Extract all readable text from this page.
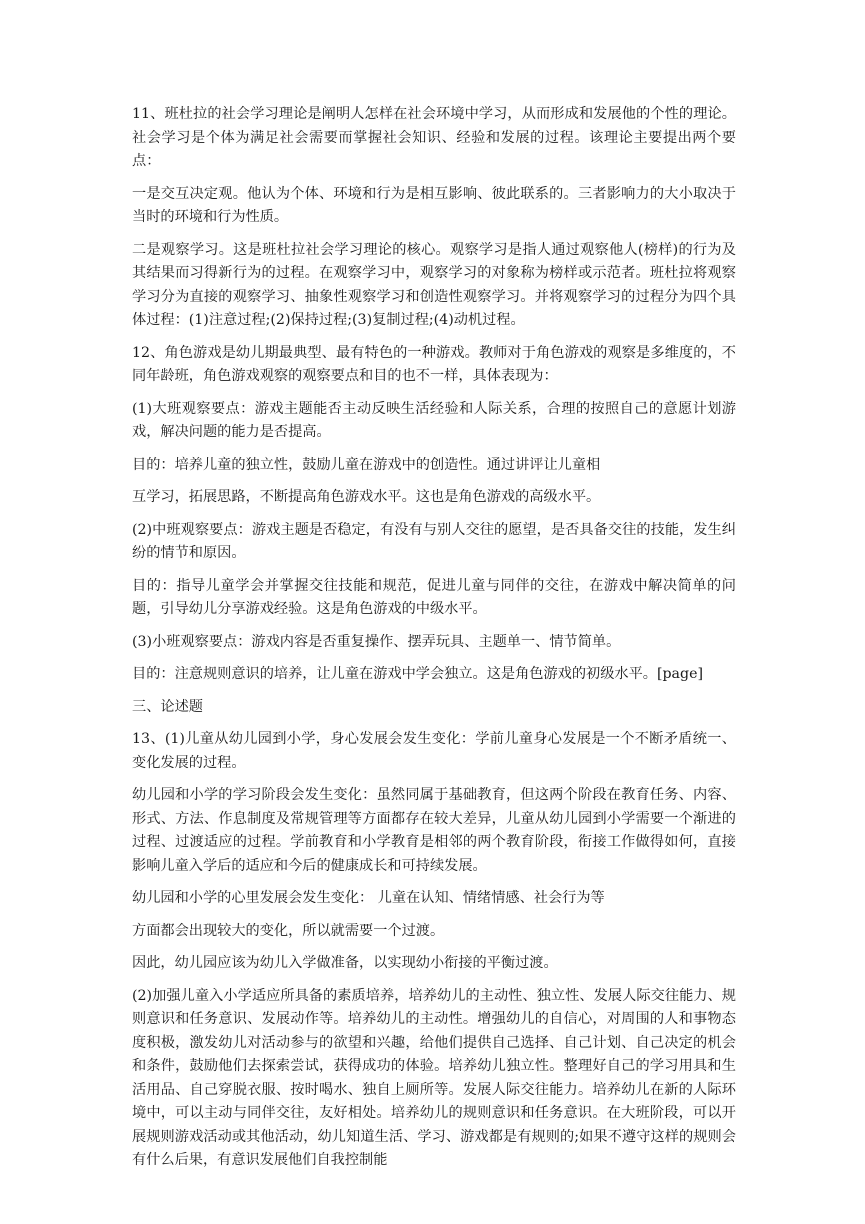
11、班杜拉的社会学习理论是阐明人怎样在社会环境中学习，从而形成和发展他的个性的理论。社会学习是个体为满足社会需要而掌握社会知识、经验和发展的过程。该理论主要提出两个要点：

一是交互决定观。他认为个体、环境和行为是相互影响、彼此联系的。三者影响力的大小取决于当时的环境和行为性质。

二是观察学习。这是班杜拉社会学习理论的核心。观察学习是指人通过观察他人(榜样)的行为及其结果而习得新行为的过程。在观察学习中，观察学习的对象称为榜样或示范者。班杜拉将观察学习分为直接的观察学习、抽象性观察学习和创造性观察学习。并将观察学习的过程分为四个具体过程：(1)注意过程;(2)保持过程;(3)复制过程;(4)动机过程。

12、角色游戏是幼儿期最典型、最有特色的一种游戏。教师对于角色游戏的观察是多维度的，不同年龄班，角色游戏观察的观察要点和目的也不一样，具体表现为：

(1)大班观察要点：游戏主题能否主动反映生活经验和人际关系，合理的按照自己的意愿计划游戏，解决问题的能力是否提高。

目的：培养儿童的独立性，鼓励儿童在游戏中的创造性。通过讲评让儿童相

互学习，拓展思路，不断提高角色游戏水平。这也是角色游戏的高级水平。

(2)中班观察要点：游戏主题是否稳定，有没有与别人交往的愿望，是否具备交往的技能，发生纠纷的情节和原因。

目的：指导儿童学会并掌握交往技能和规范，促进儿童与同伴的交往，在游戏中解决简单的问题，引导幼儿分享游戏经验。这是角色游戏的中级水平。

(3)小班观察要点：游戏内容是否重复操作、摆弄玩具、主题单一、情节简单。

目的：注意规则意识的培养，让儿童在游戏中学会独立。这是角色游戏的初级水平。[page]

三、论述题

13、(1)儿童从幼儿园到小学，身心发展会发生变化：学前儿童身心发展是一个不断矛盾统一、变化发展的过程。

幼儿园和小学的学习阶段会发生变化：虽然同属于基础教育，但这两个阶段在教育任务、内容、形式、方法、作息制度及常规管理等方面都存在较大差异，儿童从幼儿园到小学需要一个渐进的过程、过渡适应的过程。学前教育和小学教育是相邻的两个教育阶段，衔接工作做得如何，直接影响儿童入学后的适应和今后的健康成长和可持续发展。

幼儿园和小学的心里发展会发生变化： 儿童在认知、情绪情感、社会行为等

方面都会出现较大的变化，所以就需要一个过渡。

因此，幼儿园应该为幼儿入学做准备，以实现幼小衔接的平衡过渡。

(2)加强儿童入小学适应所具备的素质培养，培养幼儿的主动性、独立性、发展人际交往能力、规则意识和任务意识、发展动作等。培养幼儿的主动性。增强幼儿的自信心，对周围的人和事物态度积极，激发幼儿对活动参与的欲望和兴趣，给他们提供自己选择、自己计划、自己决定的机会和条件，鼓励他们去探索尝试，获得成功的体验。培养幼儿独立性。整理好自己的学习用具和生活用品、自己穿脱衣服、按时喝水、独自上厕所等。发展人际交往能力。培养幼儿在新的人际环境中，可以主动与同伴交往，友好相处。培养幼儿的规则意识和任务意识。在大班阶段，可以开展规则游戏活动或其他活动，幼儿知道生活、学习、游戏都是有规则的;如果不遵守这样的规则会有什么后果，有意识发展他们自我控制能
